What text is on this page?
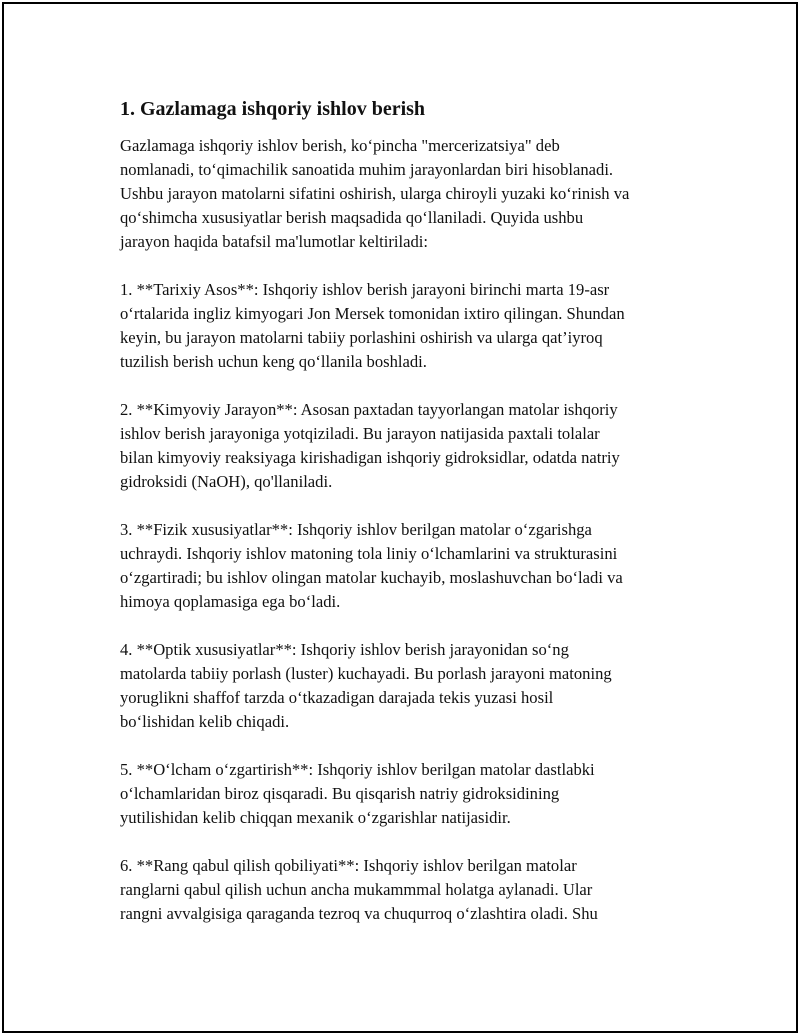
1. Gazlamaga ishqoriy ishlov berish

Gazlamaga ishqoriy ishlov berish, koʻpincha "mercerizatsiya" deb
nomlanadi, toʻqimachilik sanoatida muhim jarayonlardan biri hisoblanadi.
Ushbu jarayon matolarni sifatini oshirish, ularga chiroyli yuzaki koʻrinish va
qoʻshimcha xususiyatlar berish maqsadida qoʻllaniladi. Quyida ushbu
jarayon haqida batafsil ma'lumotlar keltiriladi:

1. **Tarixiy Asos**: Ishqoriy ishlov berish jarayoni birinchi marta 19-asr
oʻrtalarida ingliz kimyogari Jon Mersek tomonidan ixtiro qilingan. Shundan
keyin, bu jarayon matolarni tabiiy porlashini oshirish va ularga qat’iyroq
tuzilish berish uchun keng qoʻllanila boshladi.

2. **Kimyoviy Jarayon**: Asosan paxtadan tayyorlangan matolar ishqoriy
ishlov berish jarayoniga yotqiziladi. Bu jarayon natijasida paxtali tolalar
bilan kimyoviy reaksiyaga kirishadigan ishqoriy gidroksidlar, odatda natriy
gidroksidi (NaOH), qo'llaniladi.

3. **Fizik xususiyatlar**: Ishqoriy ishlov berilgan matolar oʻzgarishga
uchraydi. Ishqoriy ishlov matoning tola liniy oʻlchamlarini va strukturasini
oʻzgartiradi; bu ishlov olingan matolar kuchayib, moslashuvchan boʻladi va
himoya qoplamasiga ega boʻladi.

4. **Optik xususiyatlar**: Ishqoriy ishlov berish jarayonidan soʻng
matolarda tabiiy porlash (luster) kuchayadi. Bu porlash jarayoni matoning
yoruglikni shaffof tarzda oʻtkazadigan darajada tekis yuzasi hosil
boʻlishidan kelib chiqadi.

5. **Oʻlcham oʻzgartirish**: Ishqoriy ishlov berilgan matolar dastlabki
oʻlchamlaridan biroz qisqaradi. Bu qisqarish natriy gidroksidining
yutilishidan kelib chiqqan mexanik oʻzgarishlar natijasidir.

6. **Rang qabul qilish qobiliyati**: Ishqoriy ishlov berilgan matolar
ranglarni qabul qilish uchun ancha mukammmal holatga aylanadi. Ular
rangni avvalgisiga qaraganda tezroq va chuqurroq oʻzlashtira oladi. Shu
